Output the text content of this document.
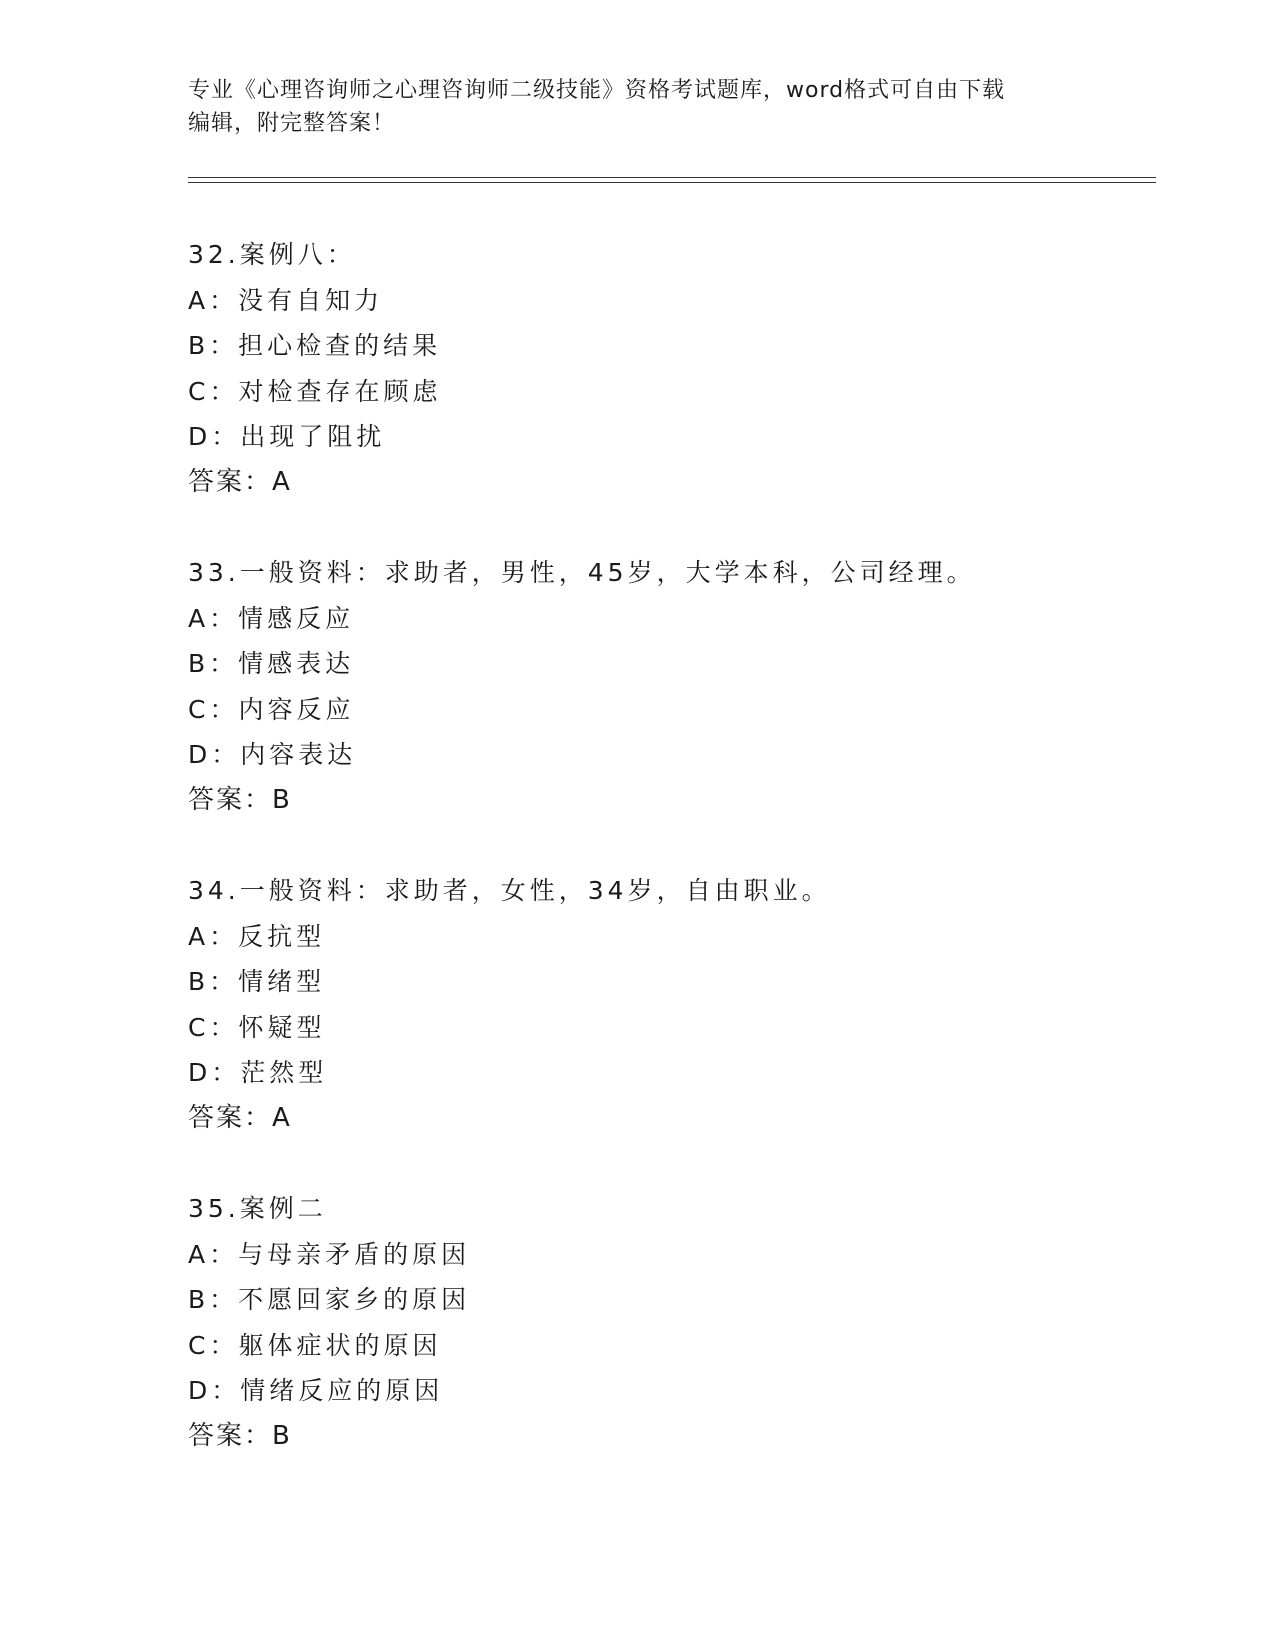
专业《心理咨询师之心理咨询师二级技能》资格考试题库，word格式可自由下载
编辑，附完整答案！
32.案例八：
A：没有自知力
B：担心检查的结果
C：对检查存在顾虑
D：出现了阻扰
答案：A
33.一般资料：求助者，男性，45岁，大学本科，公司经理。
A：情感反应
B：情感表达
C：内容反应
D：内容表达
答案：B
34.一般资料：求助者，女性，34岁，自由职业。
A：反抗型
B：情绪型
C：怀疑型
D：茫然型
答案：A
35.案例二
A：与母亲矛盾的原因
B：不愿回家乡的原因
C：躯体症状的原因
D：情绪反应的原因
答案：B
